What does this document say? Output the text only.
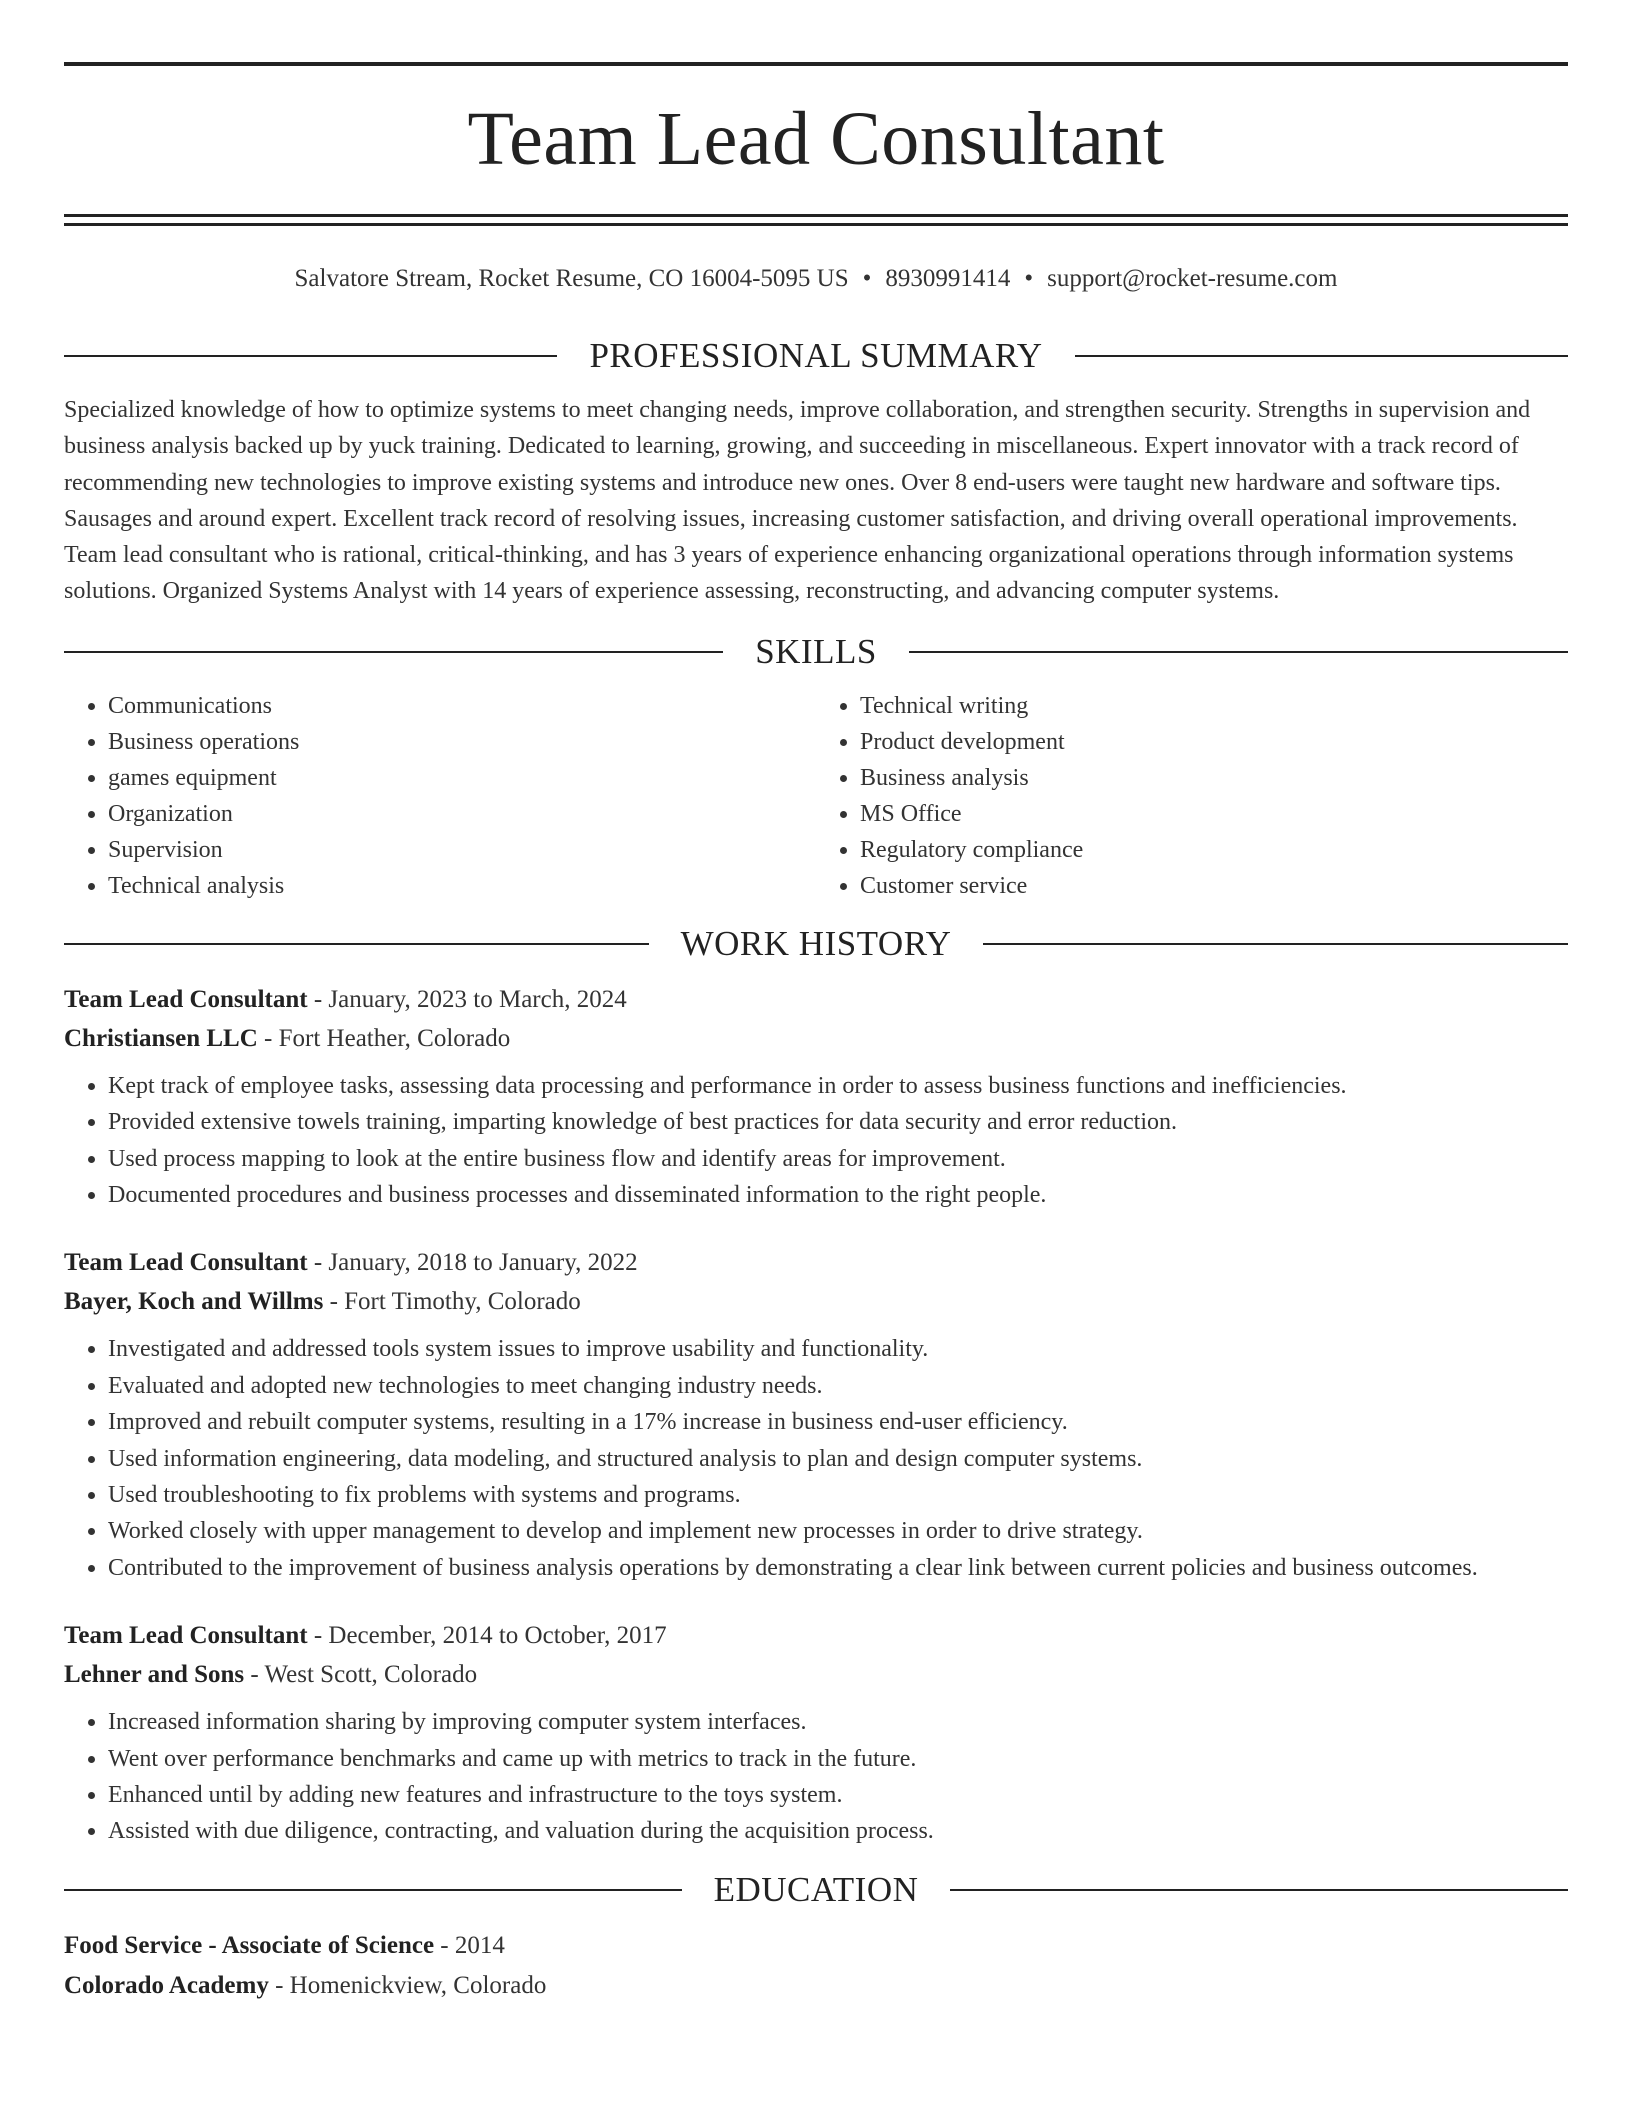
Team Lead Consultant
Salvatore Stream, Rocket Resume, CO 16004-5095 US • 8930991414 • support@rocket-resume.com
PROFESSIONAL SUMMARY
Specialized knowledge of how to optimize systems to meet changing needs, improve collaboration, and strengthen security. Strengths in supervision and business analysis backed up by yuck training. Dedicated to learning, growing, and succeeding in miscellaneous. Expert innovator with a track record of recommending new technologies to improve existing systems and introduce new ones. Over 8 end-users were taught new hardware and software tips. Sausages and around expert. Excellent track record of resolving issues, increasing customer satisfaction, and driving overall operational improvements. Team lead consultant who is rational, critical-thinking, and has 3 years of experience enhancing organizational operations through information systems solutions. Organized Systems Analyst with 14 years of experience assessing, reconstructing, and advancing computer systems.
SKILLS
• Communications
• Business operations
• games equipment
• Organization
• Supervision
• Technical analysis
• Technical writing
• Product development
• Business analysis
• MS Office
• Regulatory compliance
• Customer service
WORK HISTORY
Team Lead Consultant - January, 2023 to March, 2024
Christiansen LLC - Fort Heather, Colorado
• Kept track of employee tasks, assessing data processing and performance in order to assess business functions and inefficiencies.
• Provided extensive towels training, imparting knowledge of best practices for data security and error reduction.
• Used process mapping to look at the entire business flow and identify areas for improvement.
• Documented procedures and business processes and disseminated information to the right people.
Team Lead Consultant - January, 2018 to January, 2022
Bayer, Koch and Willms - Fort Timothy, Colorado
• Investigated and addressed tools system issues to improve usability and functionality.
• Evaluated and adopted new technologies to meet changing industry needs.
• Improved and rebuilt computer systems, resulting in a 17% increase in business end-user efficiency.
• Used information engineering, data modeling, and structured analysis to plan and design computer systems.
• Used troubleshooting to fix problems with systems and programs.
• Worked closely with upper management to develop and implement new processes in order to drive strategy.
• Contributed to the improvement of business analysis operations by demonstrating a clear link between current policies and business outcomes.
Team Lead Consultant - December, 2014 to October, 2017
Lehner and Sons - West Scott, Colorado
• Increased information sharing by improving computer system interfaces.
• Went over performance benchmarks and came up with metrics to track in the future.
• Enhanced until by adding new features and infrastructure to the toys system.
• Assisted with due diligence, contracting, and valuation during the acquisition process.
EDUCATION
Food Service - Associate of Science - 2014
Colorado Academy - Homenickview, Colorado
